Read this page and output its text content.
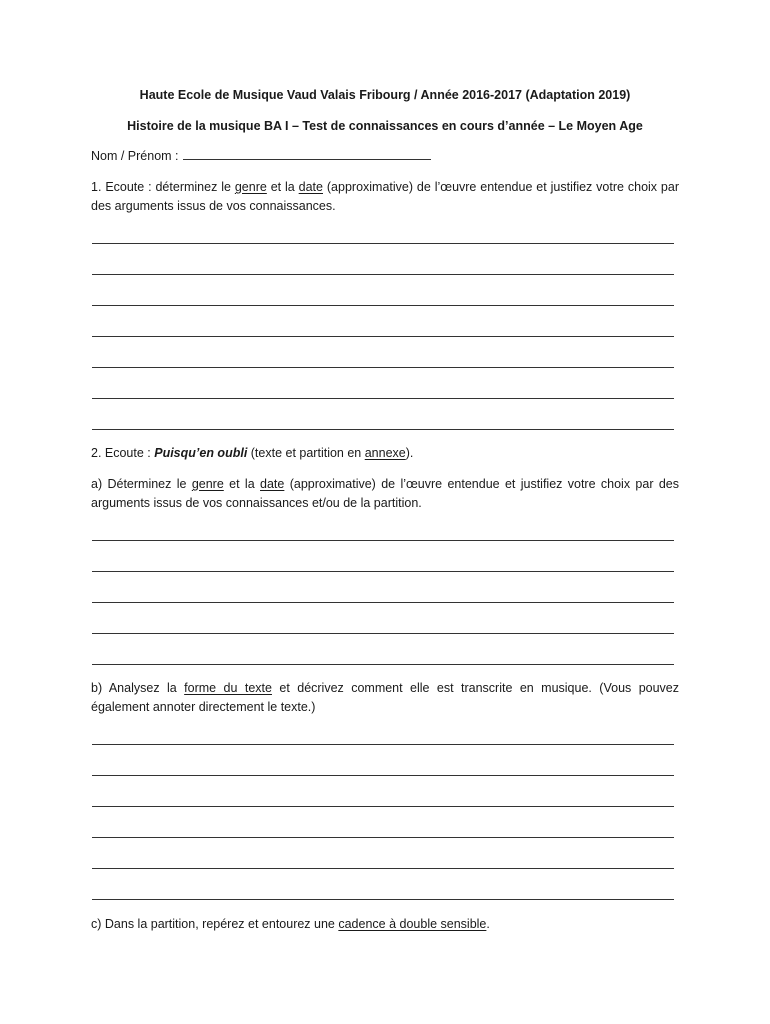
Haute Ecole de Musique Vaud Valais Fribourg / Année 2016-2017 (Adaptation 2019)
Histoire de la musique BA I – Test de connaissances en cours d’année – Le Moyen Age
Nom / Prénom :
1. Ecoute : déterminez le genre et la date (approximative) de l’œuvre entendue et justifiez votre choix par des arguments issus de vos connaissances.
2. Ecoute : Puisqu’en oubli (texte et partition en annexe).
a) Déterminez le genre et la date (approximative) de l’œuvre entendue et justifiez votre choix par des arguments issus de vos connaissances et/ou de la partition.
b) Analysez la forme du texte et décrivez comment elle est transcrite en musique. (Vous pouvez également annoter directement le texte.)
c) Dans la partition, repérez et entourez une cadence à double sensible.
